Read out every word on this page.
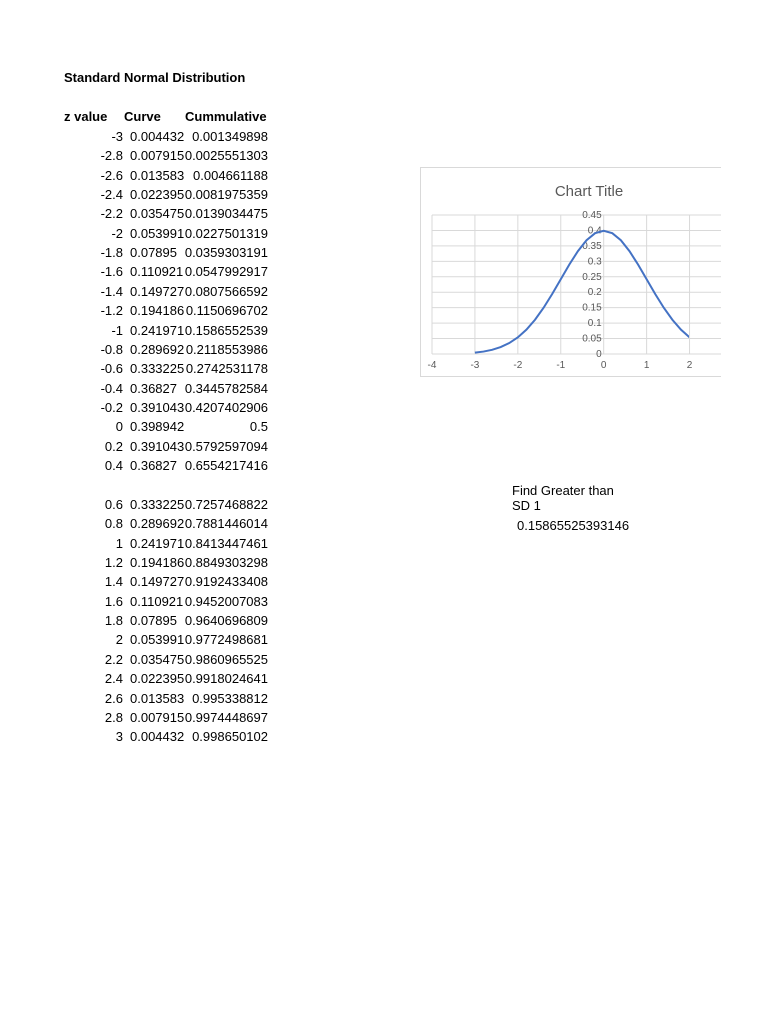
Standard Normal Distribution
z value Curve Cummulative
-3 0.004432 0.001349898
-2.8 0.007915 0.0025551303
-2.6 0.013583 0.004661188
-2.4 0.022395 0.0081975359
-2.2 0.035475 0.0139034475
-2 0.053991 0.0227501319
-1.8 0.07895 0.0359303191
-1.6 0.110921 0.0547992917
-1.4 0.149727 0.0807566592
-1.2 0.194186 0.1150696702
-1 0.241971 0.1586552539
-0.8 0.289692 0.2118553986
-0.6 0.333225 0.2742531178
-0.4 0.36827 0.3445782584
-0.2 0.391043 0.4207402906
0 0.398942	0.5
0.2 0.391043 0.5792597094
0.4 0.36827 0.6554217416
0.6 0.333225 0.7257468822
0.8 0.289692 0.7881446014
1 0.241971 0.8413447461
1.2 0.194186 0.8849303298
1.4 0.149727 0.9192433408
1.6 0.110921 0.9452007083
1.8 0.07895 0.9640696809
2 0.053991 0.9772498681
2.2 0.035475 0.9860965525
2.4 0.022395 0.9918024641
2.6 0.013583 0.995338812
2.8 0.007915 0.9974448697
3 0.004432 0.998650102
Chart Title
0
0.05
0.1
0.15
0.2
0.25
0.3
0.35
0.4
0.45
-4	-3	-2	-1	0	1	2
Find Greater than
SD 1
0.15865525393146
